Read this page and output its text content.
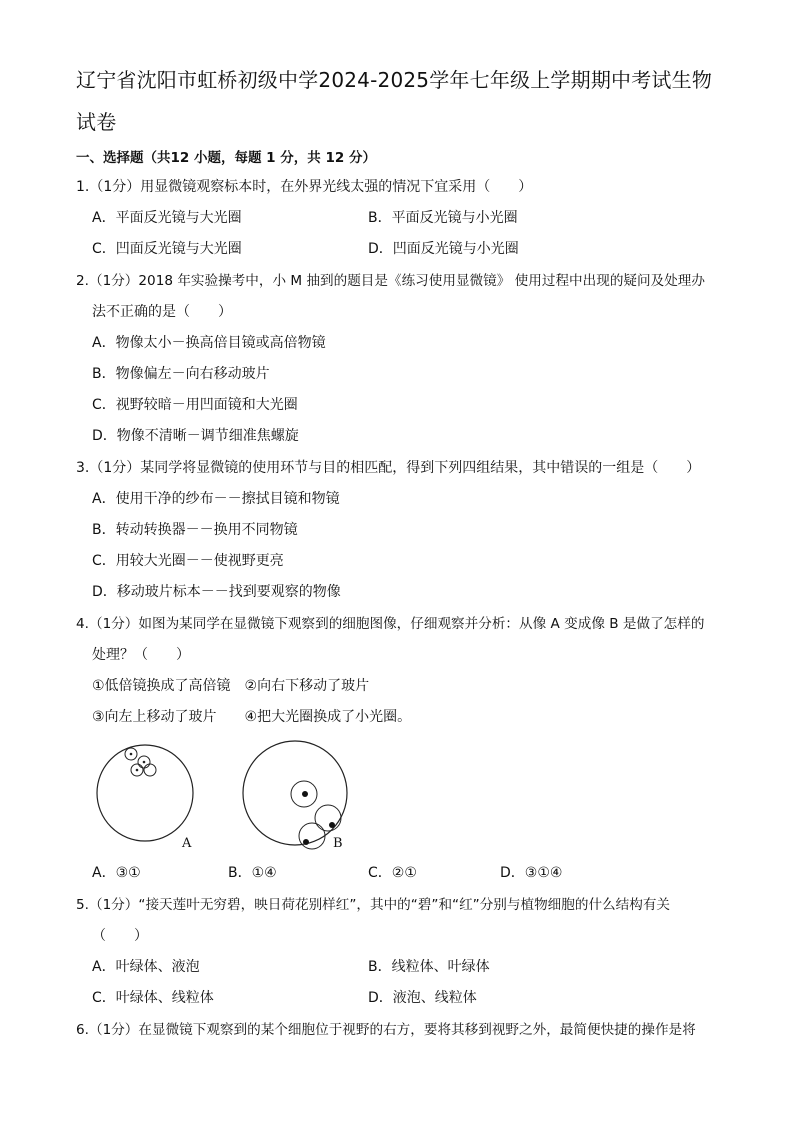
辽宁省沈阳市虹桥初级中学2024-2025学年七年级上学期期中考试生物
试卷
一、选择题（共12 小题，每题 1 分，共 12 分）
1.（1分）用显微镜观察标本时，在外界光线太强的情况下宜采用（　　）
A．平面反光镜与大光圈	B．平面反光镜与小光圈
C．凹面反光镜与大光圈	D．凹面反光镜与小光圈
2.（1分）2018 年实验操考中，小 M 抽到的题目是《练习使用显微镜》 使用过程中出现的疑问及处理办
法不正确的是（　　）
A．物像太小－换高倍目镜或高倍物镜
B．物像偏左－向右移动玻片
C．视野较暗－用凹面镜和大光圈
D．物像不清晰－调节细准焦螺旋
3.（1分）某同学将显微镜的使用环节与目的相匹配，得到下列四组结果，其中错误的一组是（　　）
A．使用干净的纱布－－擦拭目镜和物镜
B．转动转换器－－换用不同物镜
C．用较大光圈－－使视野更亮
D．移动玻片标本－－找到要观察的物像
4.（1分）如图为某同学在显微镜下观察到的细胞图像，仔细观察并分析：从像 A 变成像 B 是做了怎样的
处理？（　　）
①低倍镜换成了高倍镜　②向右下移动了玻片
③向左上移动了玻片　　④把大光圈换成了小光圈。
A	B
A．③①	B．①④	C．②①	D．③①④
5.（1分）“接天莲叶无穷碧，映日荷花别样红”，其中的“碧”和“红”分别与植物细胞的什么结构有关
（　　）
A．叶绿体、液泡	B．线粒体、叶绿体
C．叶绿体、线粒体	D．液泡、线粒体
6.（1分）在显微镜下观察到的某个细胞位于视野的右方，要将其移到视野之外，最简便快捷的操作是将
